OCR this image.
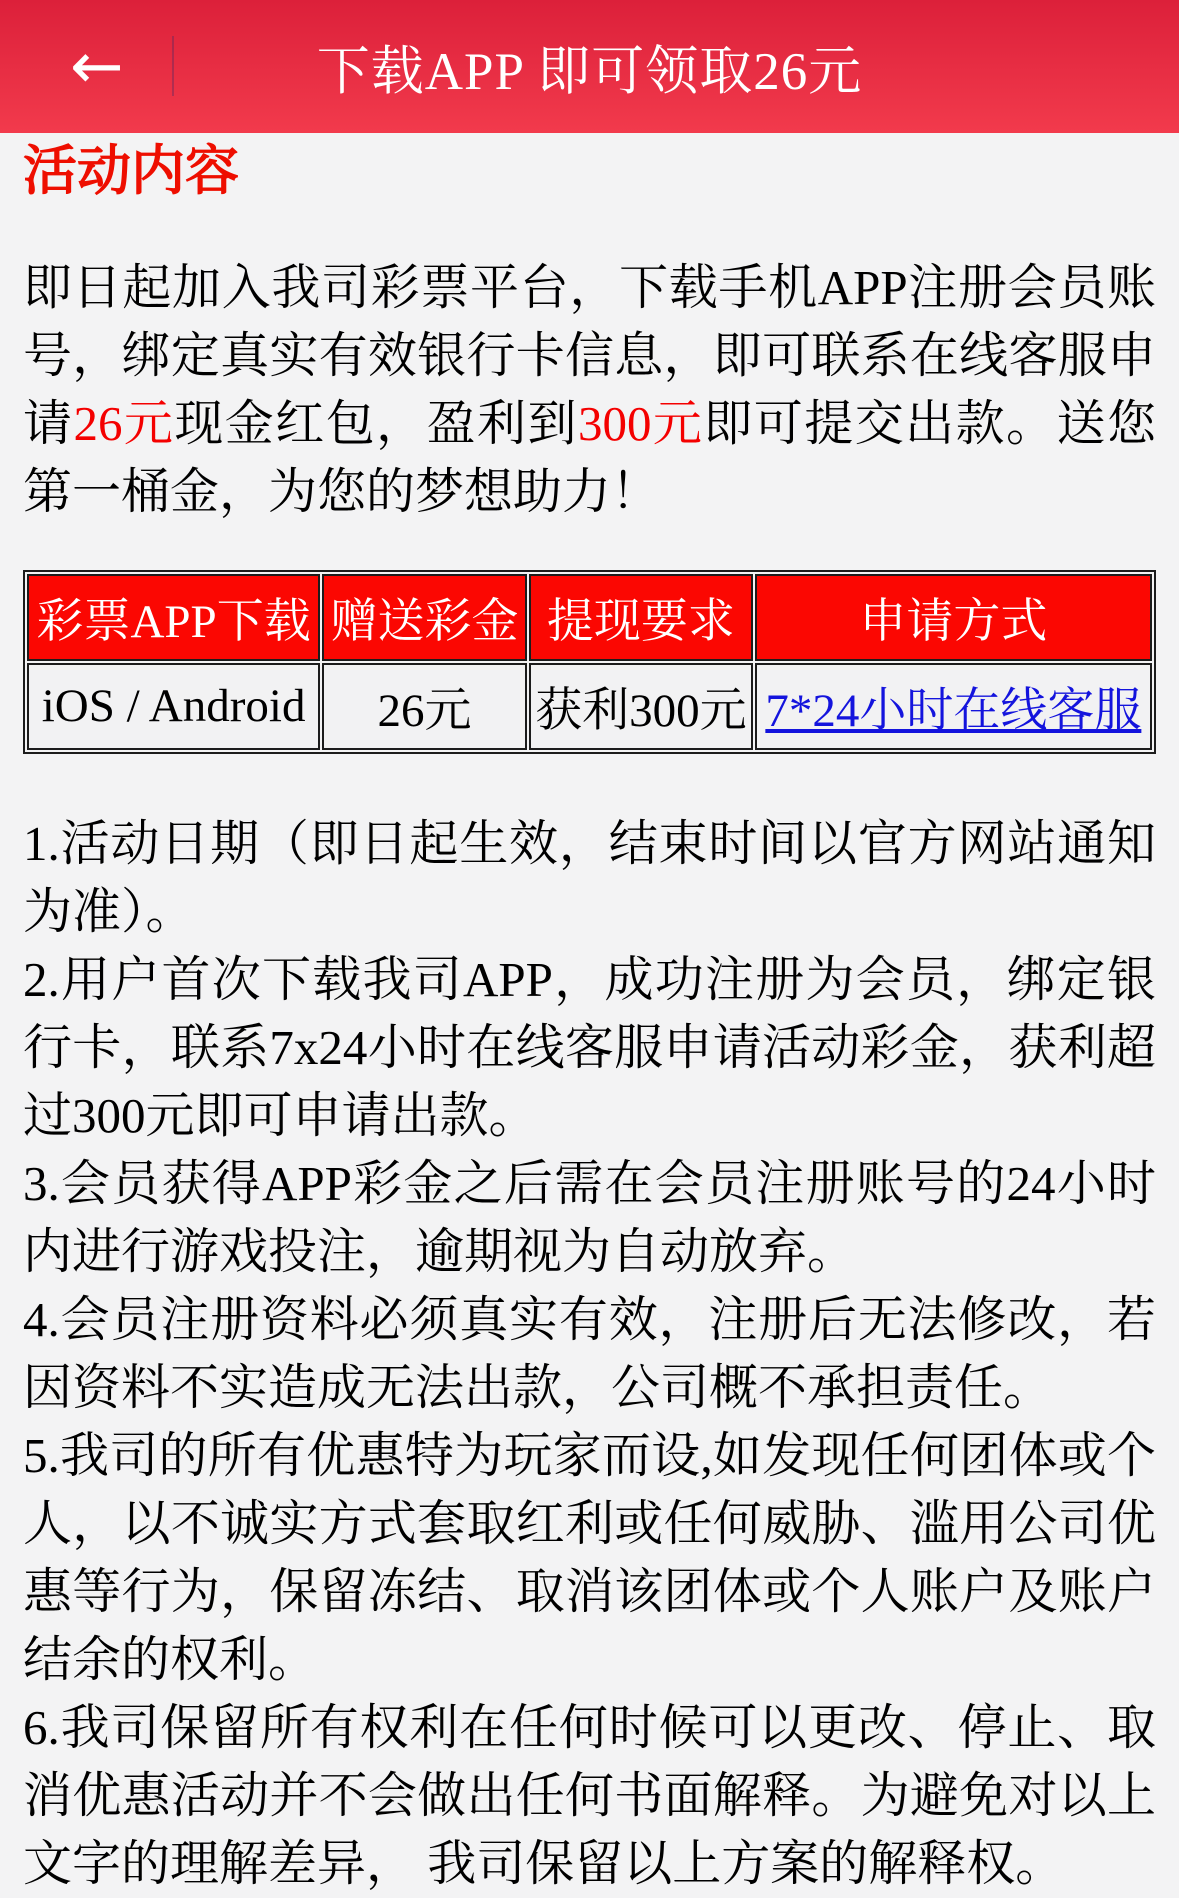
←	下载APP 即可领取26元
活动内容

即日起加入我司彩票平台，下载手机APP注册会员账号，绑定真实有效银行卡信息，即可联系在线客服申请26元现金红包，盈利到300元即可提交出款。送您第一桶金，为您的梦想助力！

彩票APP下载	赠送彩金	提现要求	申请方式
iOS / Android	26元	获利300元	7*24小时在线客服

1.活动日期（即日起生效，结束时间以官方网站通知为准）。

2.用户首次下载我司APP，成功注册为会员，绑定银行卡，联系7x24小时在线客服申请活动彩金，获利超过300元即可申请出款。

3.会员获得APP彩金之后需在会员注册账号的24小时内进行游戏投注，逾期视为自动放弃。

4.会员注册资料必须真实有效，注册后无法修改，若因资料不实造成无法出款，公司概不承担责任。

5.我司的所有优惠特为玩家而设,如发现任何团体或个人，以不诚实方式套取红利或任何威胁、滥用公司优惠等行为，保留冻结、取消该团体或个人账户及账户结余的权利。

6.我司保留所有权利在任何时候可以更改、停止、取消优惠活动并不会做出任何书面解释。为避免对以上文字的理解差异， 我司保留以上方案的解释权。
